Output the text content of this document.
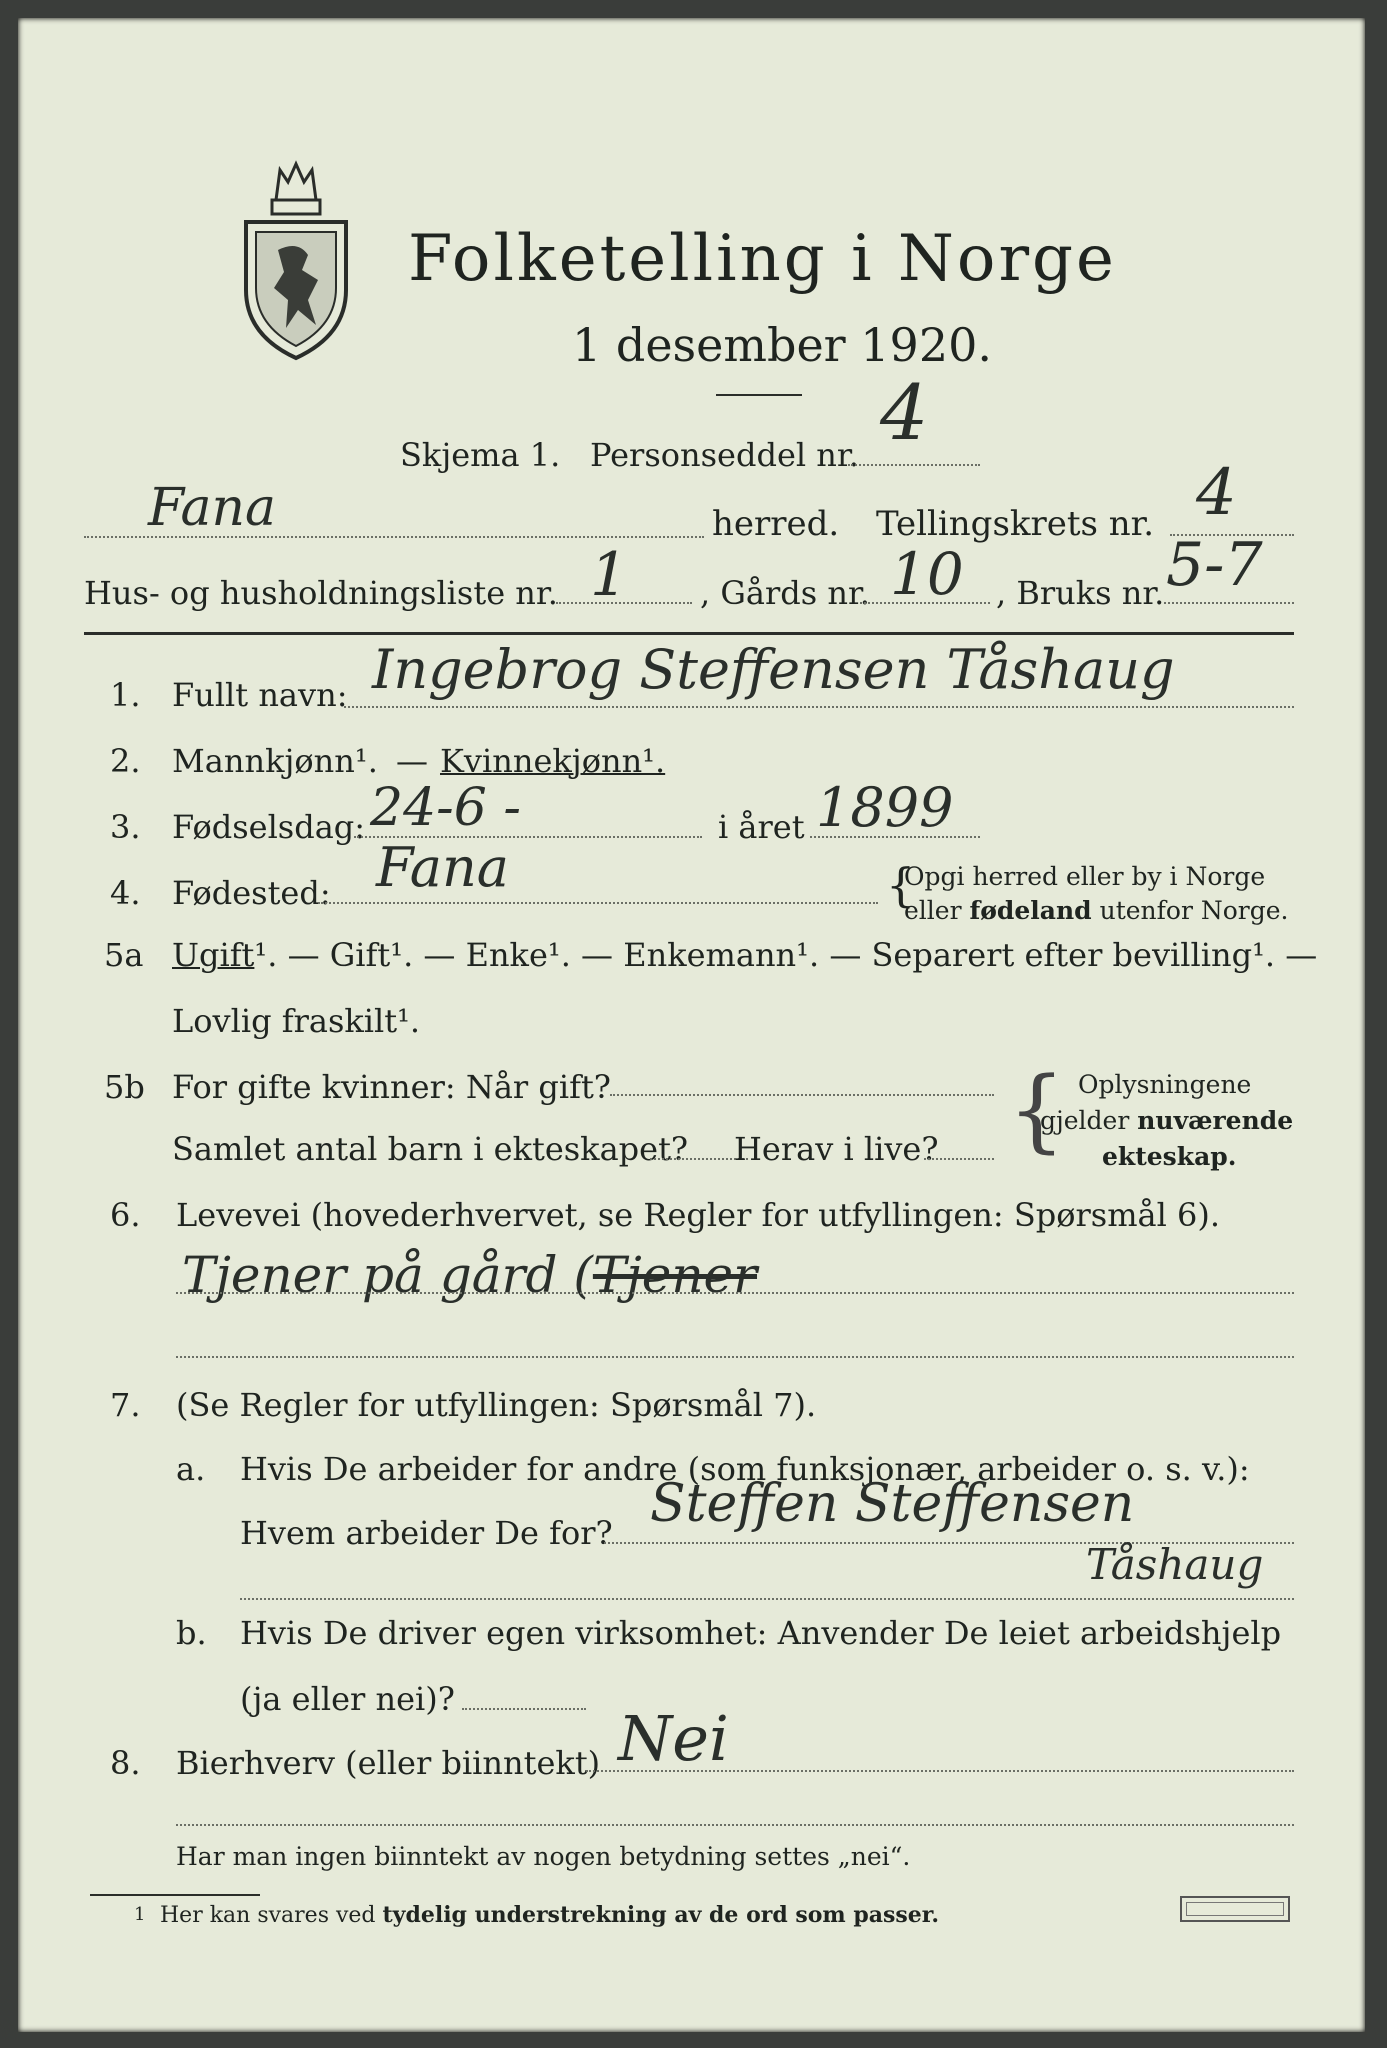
Folketelling i Norge
1 desember 1920.
Skjema 1. Personseddel nr. 4
Fana	herred. Tellingskrets nr. 4
Hus- og husholdningsliste nr. 1 , Gårds nr. 10 , Bruks nr. 5-7
1. Fullt navn: Ingebrog Steffensen Tåshaug
2. Mannkjønn¹. — Kvinnekjønn¹.
3. Fødselsdag: 24-6 -	i året 1899
4. Fødested: Fana	{
Opgi herred eller by i Norge
eller fødeland utenfor Norge.
5a Ugift¹. — Gift¹. — Enke¹. — Enkemann¹. — Separert efter bevilling¹. —
Lovlig fraskilt¹.
5b For gifte kvinner: Når gift?
Samlet antal barn i ekteskapet? Herav i live? { Oplysningene
gjelder nuværende
ekteskap.
6. Levevei (hovederhvervet, se Regler for utfyllingen: Spørsmål 6).
Tjener på gård (Tjener
7. (Se Regler for utfyllingen: Spørsmål 7).
a. Hvis De arbeider for andre (som funksjonær, arbeider o. s. v.):
Hvem arbeider De for? Steffen Steffensen
Tåshaug
b. Hvis De driver egen virksomhet: Anvender De leiet arbeidshjelp
(ja eller nei)?
8. Bierhverv (eller biinntekt) Nei
Har man ingen biinntekt av nogen betydning settes „nei“.
1 Her kan svares ved tydelig understrekning av de ord som passer.
